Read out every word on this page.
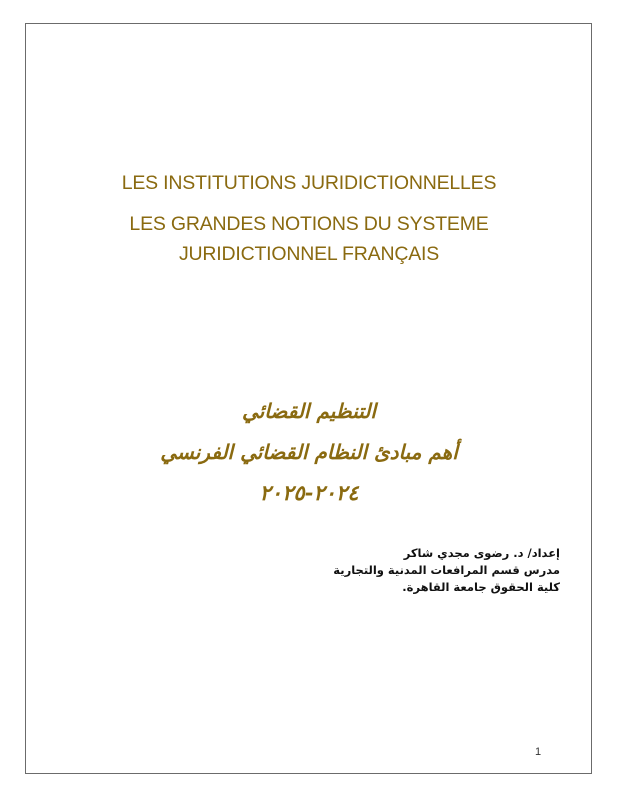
LES INSTITUTIONS JURIDICTIONNELLES
LES GRANDES NOTIONS DU SYSTEME
JURIDICTIONNEL FRANÇAIS
التنظيم القضائي
أهم مبادئ النظام القضائي الفرنسي
٢٠٢٤-٢٠٢٥
إعداد/ د. رضوى مجدي شاكر
مدرس قسم المرافعات المدنية والتجارية
كلية الحقوق جامعة القاهرة.
1
